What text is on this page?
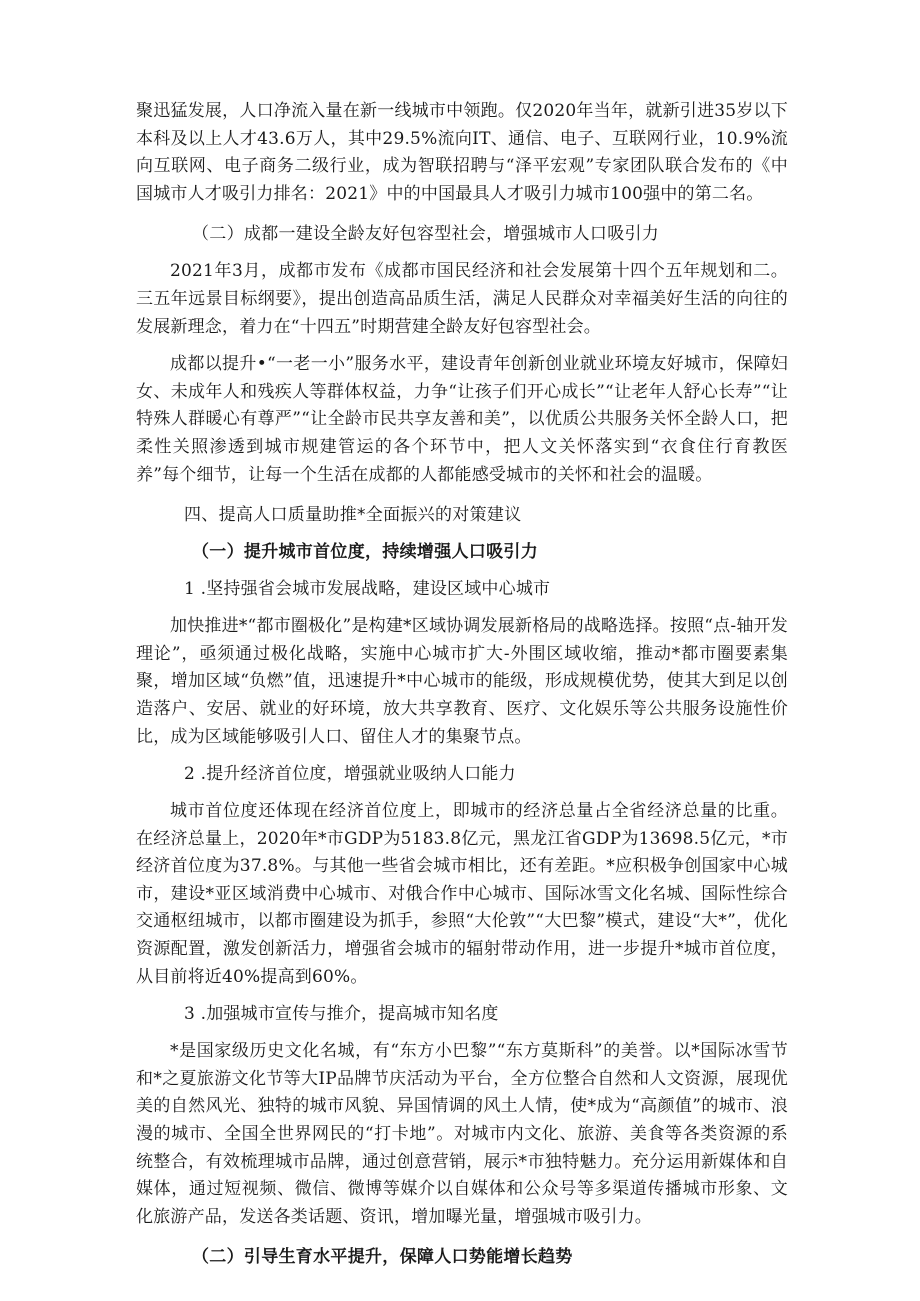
聚迅猛发展，人口净流入量在新一线城市中领跑。仅2020年当年，就新引进35岁以下本科及以上人才43.6万人，其中29.5%流向IT、通信、电子、互联网行业，10.9%流向互联网、电子商务二级行业，成为智联招聘与“泽平宏观”专家团队联合发布的《中国城市人才吸引力排名：2021》中的中国最具人才吸引力城市100强中的第二名。

（二）成都一建设全龄友好包容型社会，增强城市人口吸引力

2021年3月，成都市发布《成都市国民经济和社会发展第十四个五年规划和二。三五年远景目标纲要》，提出创造高品质生活，满足人民群众对幸福美好生活的向往的发展新理念，着力在“十四五”时期营建全龄友好包容型社会。

成都以提升•“一老一小”服务水平，建设青年创新创业就业环境友好城市，保障妇女、未成年人和残疾人等群体权益，力争“让孩子们开心成长”“让老年人舒心长寿”“让特殊人群暖心有尊严”“让全龄市民共享友善和美”，以优质公共服务关怀全龄人口，把柔性关照渗透到城市规建管运的各个环节中，把人文关怀落实到“衣食住行育教医养”每个细节，让每一个生活在成都的人都能感受城市的关怀和社会的温暖。

四、提高人口质量助推*全面振兴的对策建议

（一）提升城市首位度，持续增强人口吸引力

1 .坚持强省会城市发展战略，建设区域中心城市

加快推进*“都市圈极化”是构建*区域协调发展新格局的战略选择。按照“点-轴开发理论”，亟须通过极化战略，实施中心城市扩大-外围区域收缩，推动*都市圈要素集聚，增加区域“负燃”值，迅速提升*中心城市的能级，形成规模优势，使其大到足以创造落户、安居、就业的好环境，放大共享教育、医疗、文化娱乐等公共服务设施性价比，成为区域能够吸引人口、留住人才的集聚节点。

2 .提升经济首位度，增强就业吸纳人口能力

城市首位度还体现在经济首位度上，即城市的经济总量占全省经济总量的比重。在经济总量上，2020年*市GDP为5183.8亿元，黑龙江省GDP为13698.5亿元，*市经济首位度为37.8%。与其他一些省会城市相比，还有差距。*应积极争创国家中心城市，建设*亚区域消费中心城市、对俄合作中心城市、国际冰雪文化名城、国际性综合交通枢纽城市，以都市圈建设为抓手，参照“大伦敦”“大巴黎”模式，建设“大*”，优化资源配置，激发创新活力，增强省会城市的辐射带动作用，进一步提升*城市首位度，从目前将近40%提高到60%。

3 .加强城市宣传与推介，提高城市知名度

*是国家级历史文化名城，有“东方小巴黎”“东方莫斯科”的美誉。以*国际冰雪节和*之夏旅游文化节等大IP品牌节庆活动为平台，全方位整合自然和人文资源，展现优美的自然风光、独特的城市风貌、异国情调的风土人情，使*成为“高颜值”的城市、浪漫的城市、全国全世界网民的“打卡地”。对城市内文化、旅游、美食等各类资源的系统整合，有效梳理城市品牌，通过创意营销，展示*市独特魅力。充分运用新媒体和自媒体，通过短视频、微信、微博等媒介以自媒体和公众号等多渠道传播城市形象、文化旅游产品，发送各类话题、资讯，增加曝光量，增强城市吸引力。

（二）引导生育水平提升，保障人口势能增长趋势
